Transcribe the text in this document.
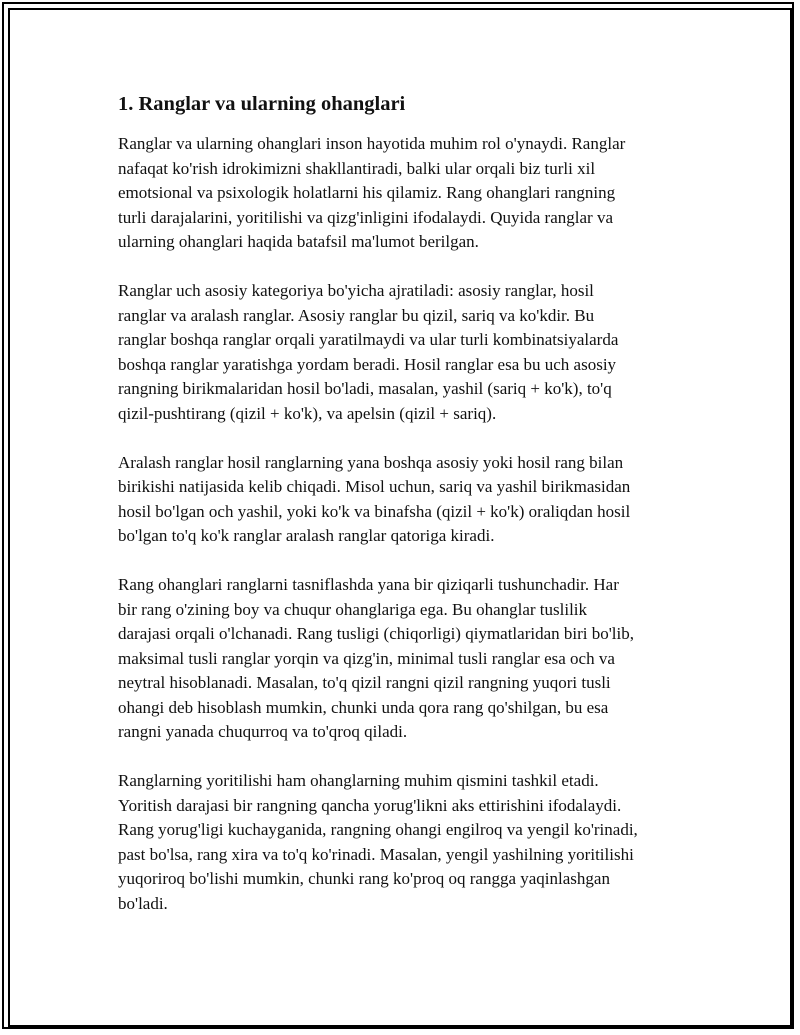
1. Ranglar va ularning ohanglari

Ranglar va ularning ohanglari inson hayotida muhim rol o'ynaydi. Ranglar
nafaqat ko'rish idrokimizni shakllantiradi, balki ular orqali biz turli xil
emotsional va psixologik holatlarni his qilamiz. Rang ohanglari rangning
turli darajalarini, yoritilishi va qizg'inligini ifodalaydi. Quyida ranglar va
ularning ohanglari haqida batafsil ma'lumot berilgan.

Ranglar uch asosiy kategoriya bo'yicha ajratiladi: asosiy ranglar, hosil
ranglar va aralash ranglar. Asosiy ranglar bu qizil, sariq va ko'kdir. Bu
ranglar boshqa ranglar orqali yaratilmaydi va ular turli kombinatsiyalarda
boshqa ranglar yaratishga yordam beradi. Hosil ranglar esa bu uch asosiy
rangning birikmalaridan hosil bo'ladi, masalan, yashil (sariq + ko'k), to'q
qizil-pushtirang (qizil + ko'k), va apelsin (qizil + sariq).

Aralash ranglar hosil ranglarning yana boshqa asosiy yoki hosil rang bilan
birikishi natijasida kelib chiqadi. Misol uchun, sariq va yashil birikmasidan
hosil bo'lgan och yashil, yoki ko'k va binafsha (qizil + ko'k) oraliqdan hosil
bo'lgan to'q ko'k ranglar aralash ranglar qatoriga kiradi.

Rang ohanglari ranglarni tasniflashda yana bir qiziqarli tushunchadir. Har
bir rang o'zining boy va chuqur ohanglariga ega. Bu ohanglar tuslilik
darajasi orqali o'lchanadi. Rang tusligi (chiqorligi) qiymatlaridan biri bo'lib,
maksimal tusli ranglar yorqin va qizg'in, minimal tusli ranglar esa och va
neytral hisoblanadi. Masalan, to'q qizil rangni qizil rangning yuqori tusli
ohangi deb hisoblash mumkin, chunki unda qora rang qo'shilgan, bu esa
rangni yanada chuqurroq va to'qroq qiladi.

Ranglarning yoritilishi ham ohanglarning muhim qismini tashkil etadi.
Yoritish darajasi bir rangning qancha yorug'likni aks ettirishini ifodalaydi.
Rang yorug'ligi kuchayganida, rangning ohangi engilroq va yengil ko'rinadi,
past bo'lsa, rang xira va to'q ko'rinadi. Masalan, yengil yashilning yoritilishi
yuqoriroq bo'lishi mumkin, chunki rang ko'proq oq rangga yaqinlashgan
bo'ladi.
